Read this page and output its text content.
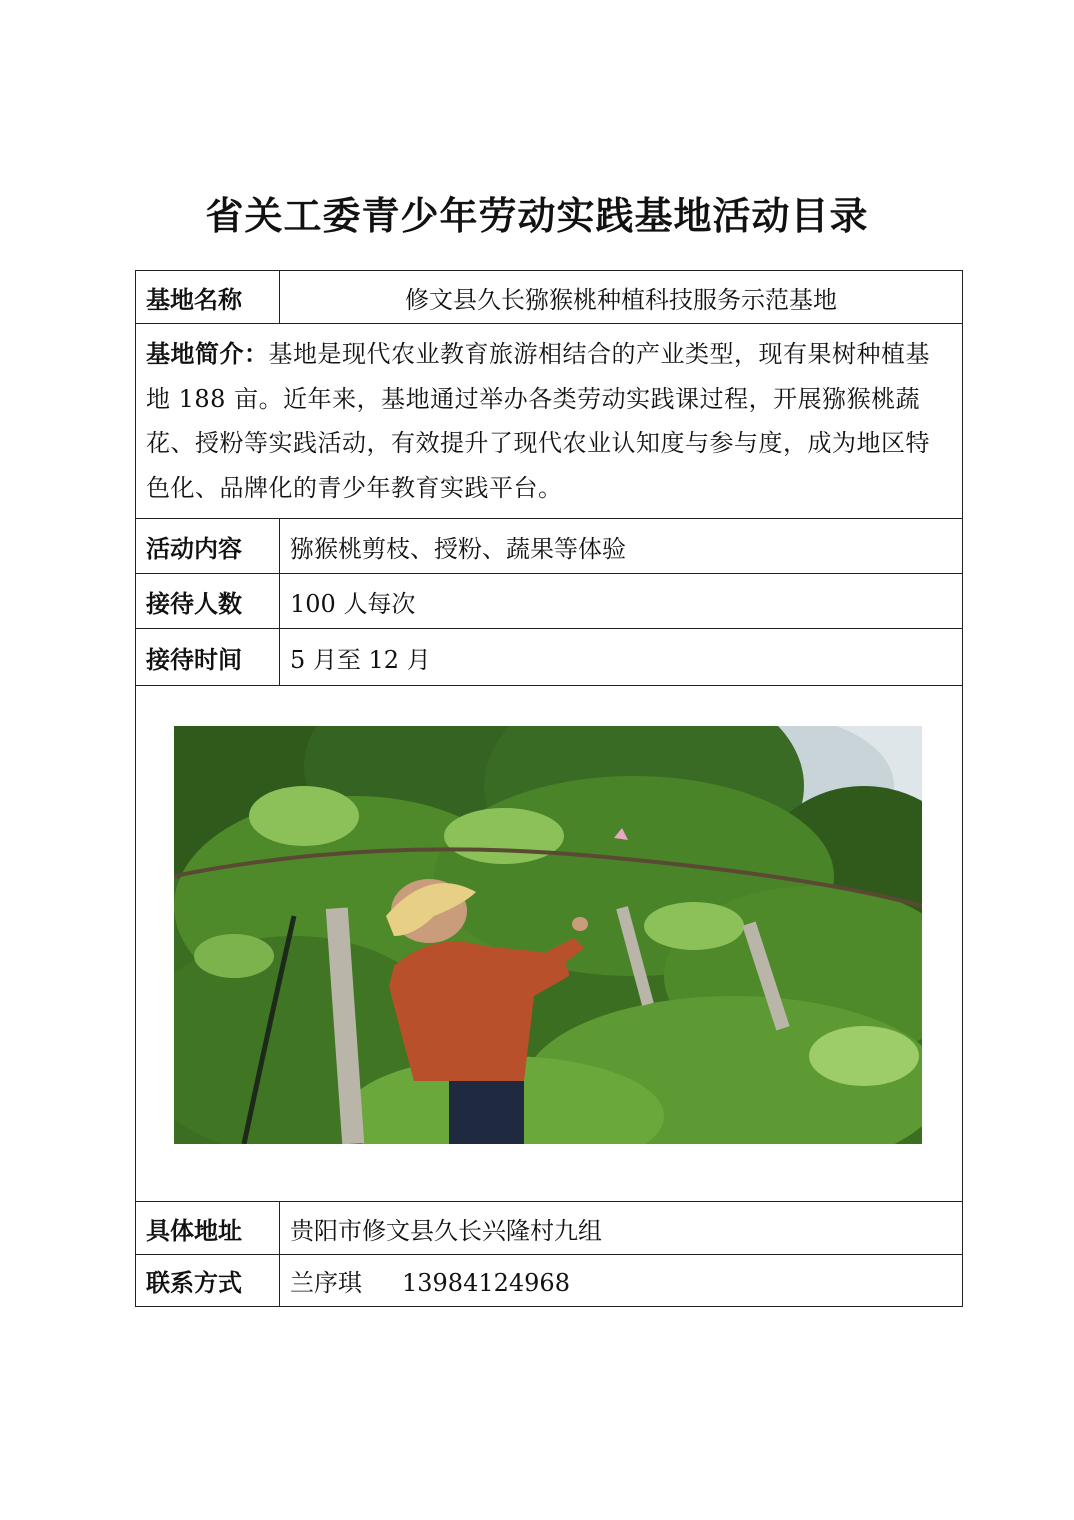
省关工委青少年劳动实践基地活动目录
基地名称	修文县久长猕猴桃种植科技服务示范基地
基地简介：基地是现代农业教育旅游相结合的产业类型，现有果树种植基地 188 亩。近年来，基地通过举办各类劳动实践课过程，开展猕猴桃蔬花、授粉等实践活动，有效提升了现代农业认知度与参与度，成为地区特色化、品牌化的青少年教育实践平台。	
活动内容	猕猴桃剪枝、授粉、蔬果等体验
接待人数	100 人每次
接待时间	5 月至 12 月

具体地址	贵阳市修文县久长兴隆村九组
联系方式	兰序琪 13984124968
